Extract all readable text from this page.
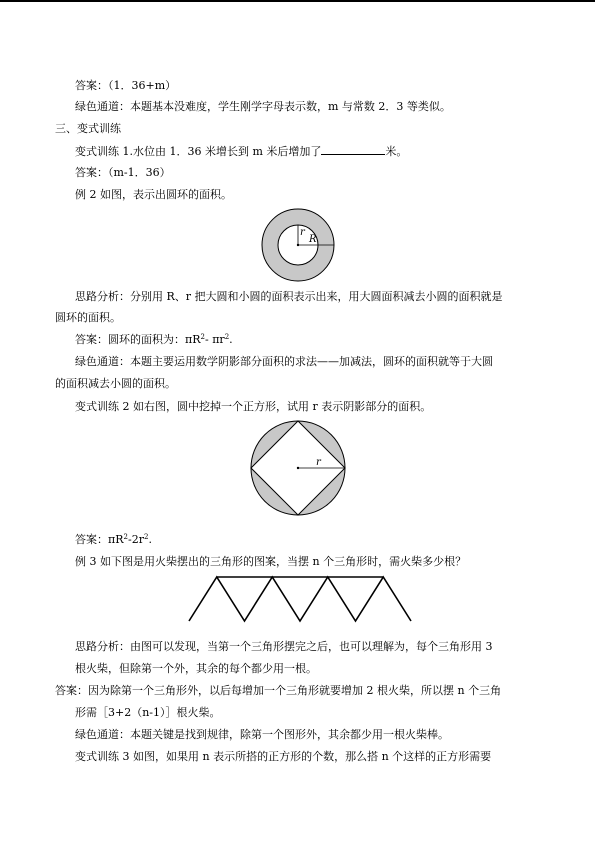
答案：（1．36+m）
绿色通道：本题基本没难度，学生刚学字母表示数，m 与常数 2．3 等类似。
三、变式训练
变式训练 1.水位由 1．36 米增长到 m 米后增加了	米。
答案：（m-1．36）
例 2 如图，表示出圆环的面积。
r
R
思路分析：分别用 R、r 把大圆和小圆的面积表示出来，用大圆面积减去小圆的面积就是
圆环的面积。
答案：圆环的面积为：$\pi R^2-$ $\pi r^2$.
绿色通道：本题主要运用数学阴影部分面积的求法——加减法，圆环的面积就等于大圆
的面积减去小圆的面积。
变式训练 2 如右图，圆中挖掉一个正方形，试用 r 表示阴影部分的面积。
r
答案：$\pi R^2-2r^2$.
例 3 如下图是用火柴摆出的三角形的图案，当摆 n 个三角形时，需火柴多少根？
思路分析：由图可以发现，当第一个三角形摆完之后，也可以理解为，每个三角形用 3
根火柴，但除第一个外，其余的每个都少用一根。
答案：因为除第一个三角形外，以后每增加一个三角形就要增加 2 根火柴，所以摆 n 个三角
形需［3+2（n-1）］根火柴。
绿色通道：本题关键是找到规律，除第一个图形外，其余都少用一根火柴棒。
变式训练 3 如图，如果用 n 表示所搭的正方形的个数，那么搭 n 个这样的正方形需要
